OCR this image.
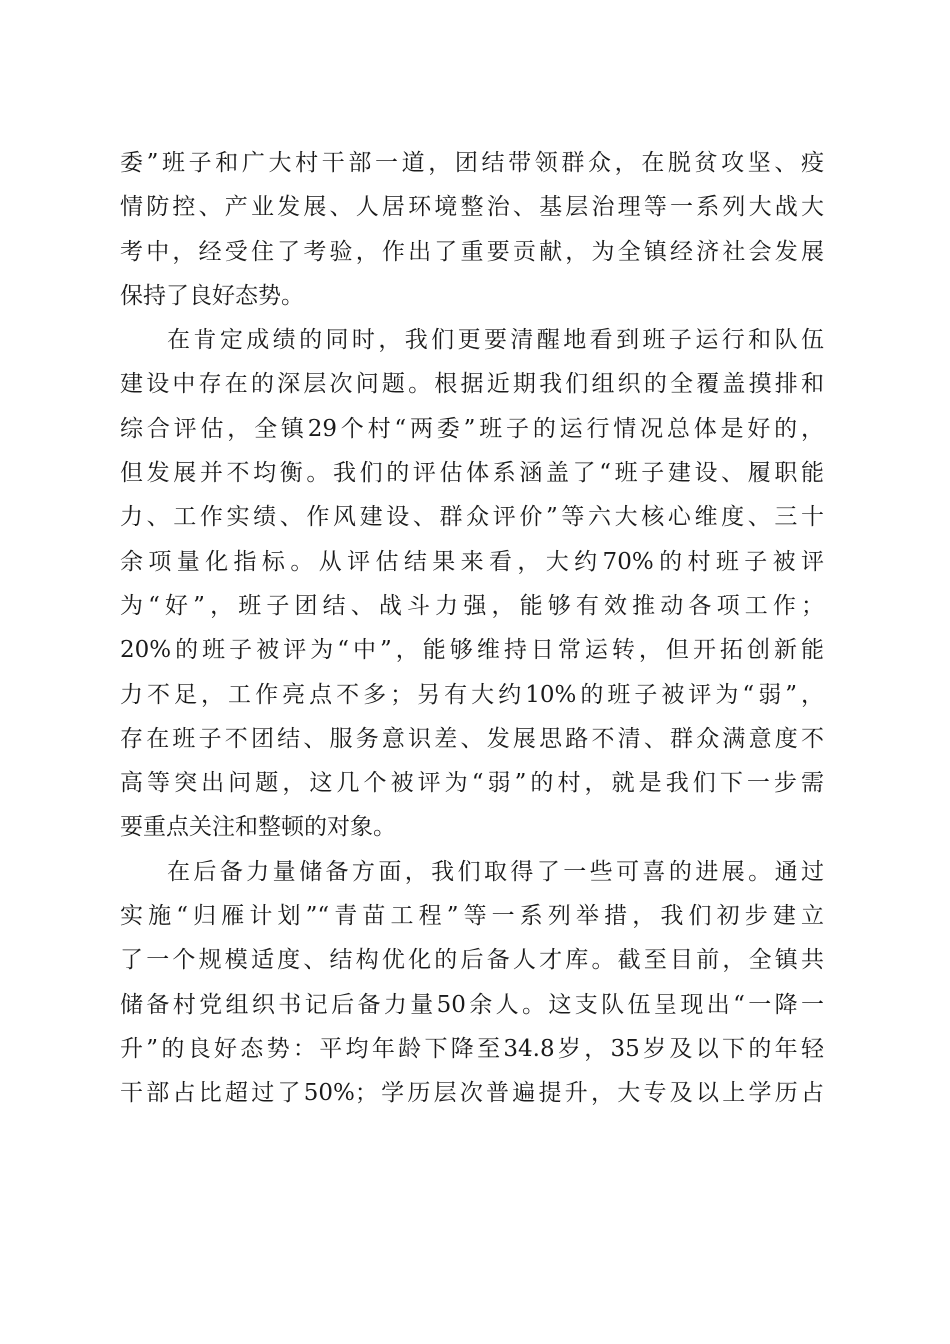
委”班子和广大村干部一道，团结带领群众，在脱贫攻坚、疫
情防控、产业发展、人居环境整治、基层治理等一系列大战大
考中，经受住了考验，作出了重要贡献，为全镇经济社会发展
保持了良好态势。
在肯定成绩的同时，我们更要清醒地看到班子运行和队伍
建设中存在的深层次问题。根据近期我们组织的全覆盖摸排和
综合评估，全镇29个村“两委”班子的运行情况总体是好的，
但发展并不均衡。我们的评估体系涵盖了“班子建设、履职能
力、工作实绩、作风建设、群众评价”等六大核心维度、三十
余项量化指标。从评估结果来看，大约70%的村班子被评
为“好”，班子团结、战斗力强，能够有效推动各项工作；
20%的班子被评为“中”，能够维持日常运转，但开拓创新能
力不足，工作亮点不多；另有大约10%的班子被评为“弱”，
存在班子不团结、服务意识差、发展思路不清、群众满意度不
高等突出问题，这几个被评为“弱”的村，就是我们下一步需
要重点关注和整顿的对象。
在后备力量储备方面，我们取得了一些可喜的进展。通过
实施“归雁计划”“青苗工程”等一系列举措，我们初步建立
了一个规模适度、结构优化的后备人才库。截至目前，全镇共
储备村党组织书记后备力量50余人。这支队伍呈现出“一降一
升”的良好态势：平均年龄下降至34.8岁，35岁及以下的年轻
干部占比超过了50%；学历层次普遍提升，大专及以上学历占
